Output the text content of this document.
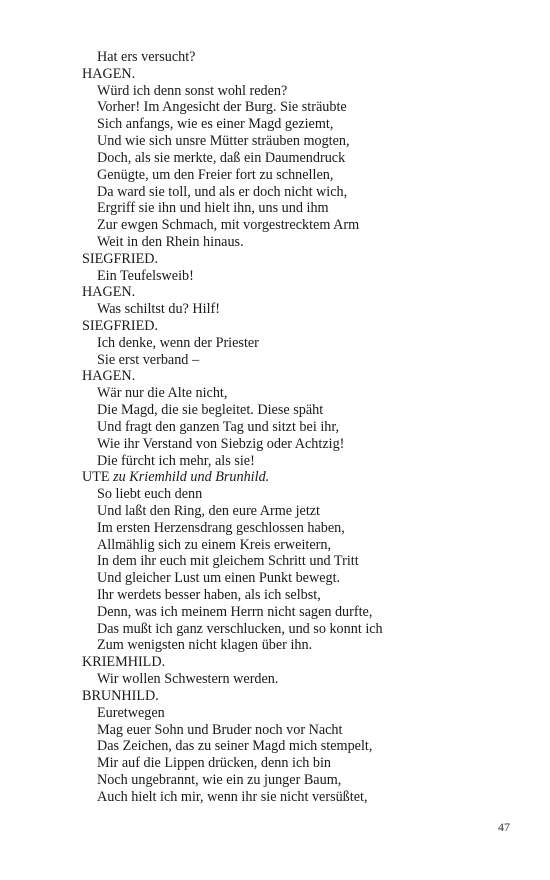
Hat ers versucht?
HAGEN.
Würd ich denn sonst wohl reden?
Vorher! Im Angesicht der Burg. Sie sträubte
Sich anfangs, wie es einer Magd geziemt,
Und wie sich unsre Mütter sträuben mogten,
Doch, als sie merkte, daß ein Daumendruck
Genügte, um den Freier fort zu schnellen,
Da ward sie toll, und als er doch nicht wich,
Ergriff sie ihn und hielt ihn, uns und ihm
Zur ewgen Schmach, mit vorgestrecktem Arm
Weit in den Rhein hinaus.
SIEGFRIED.
Ein Teufelsweib!
HAGEN.
Was schiltst du? Hilf!
SIEGFRIED.
Ich denke, wenn der Priester
Sie erst verband –
HAGEN.
Wär nur die Alte nicht,
Die Magd, die sie begleitet. Diese späht
Und fragt den ganzen Tag und sitzt bei ihr,
Wie ihr Verstand von Siebzig oder Achtzig!
Die fürcht ich mehr, als sie!
UTE zu Kriemhild und Brunhild.
So liebt euch denn
Und laßt den Ring, den eure Arme jetzt
Im ersten Herzensdrang geschlossen haben,
Allmählig sich zu einem Kreis erweitern,
In dem ihr euch mit gleichem Schritt und Tritt
Und gleicher Lust um einen Punkt bewegt.
Ihr werdets besser haben, als ich selbst,
Denn, was ich meinem Herrn nicht sagen durfte,
Das mußt ich ganz verschlucken, und so konnt ich
Zum wenigsten nicht klagen über ihn.
KRIEMHILD.
Wir wollen Schwestern werden.
BRUNHILD.
Euretwegen
Mag euer Sohn und Bruder noch vor Nacht
Das Zeichen, das zu seiner Magd mich stempelt,
Mir auf die Lippen drücken, denn ich bin
Noch ungebrannt, wie ein zu junger Baum,
Auch hielt ich mir, wenn ihr sie nicht versüßtet,
47
